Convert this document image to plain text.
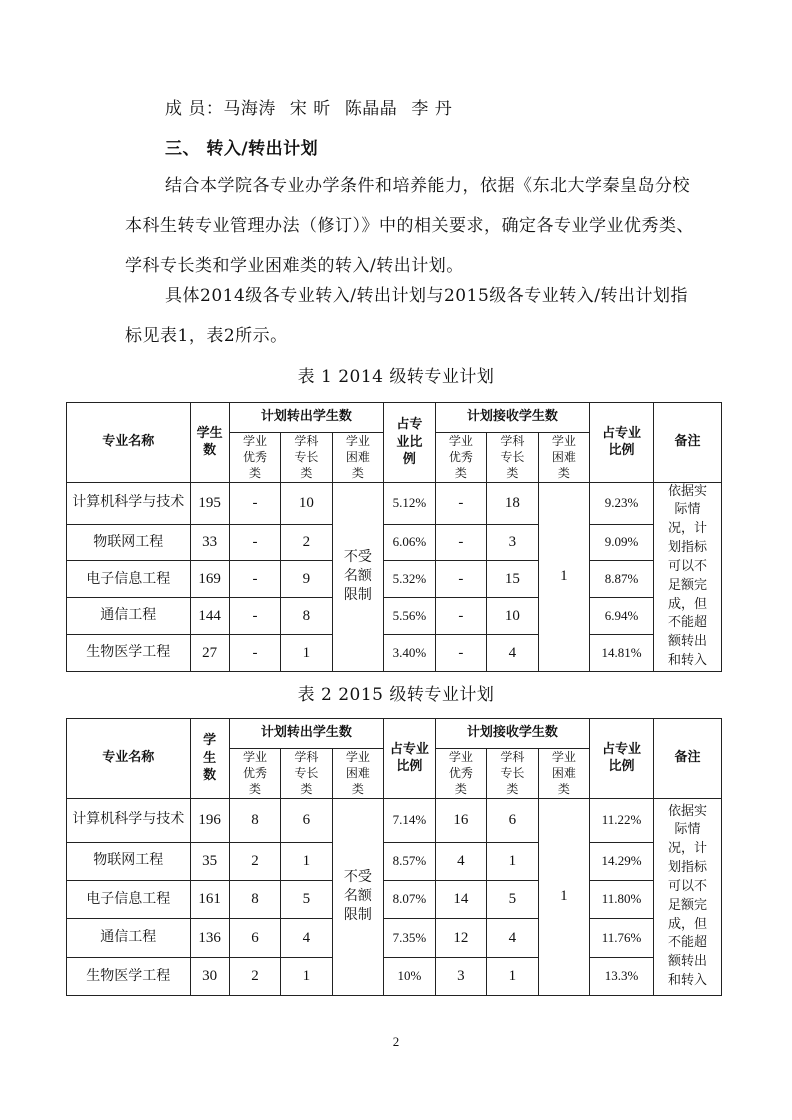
成 员：马海涛 宋 昕 陈晶晶 李 丹
三、 转入/转出计划
结合本学院各专业办学条件和培养能力，依据《东北大学秦皇岛分校本科生转专业管理办法（修订）》中的相关要求，确定各专业学业优秀类、学科专长类和学业困难类的转入/转出计划。
具体2014级各专业转入/转出计划与2015级各专业转入/转出计划指标见表1，表2所示。
表 1 2014 级转专业计划
专业名称	学生数	计划转出学生数			占专业比例	计划接收学生数			占专业比例	备注
		学业优秀类	学科专长类	学业困难类		学业优秀类	学科专长类	学业困难类		
计算机科学与技术	195	-	10	不受名额限制	5.12%	-	18	1	9.23%	依据实际情况，计划指标可以不足额完成，但不能超额转出和转入
物联网工程	33	-	2		6.06%	-	3		9.09%	
电子信息工程	169	-	9		5.32%	-	15		8.87%	
通信工程	144	-	8		5.56%	-	10		6.94%	
生物医学工程	27	-	1		3.40%	-	4		14.81%	
表 2 2015 级转专业计划
专业名称	学生数	计划转出学生数			占专业比例	计划接收学生数			占专业比例	备注
		学业优秀类	学科专长类	学业困难类		学业优秀类	学科专长类	学业困难类		
计算机科学与技术	196	8	6	不受名额限制	7.14%	16	6	1	11.22%	依据实际情况，计划指标可以不足额完成，但不能超额转出和转入
物联网工程	35	2	1		8.57%	4	1		14.29%	
电子信息工程	161	8	5		8.07%	14	5		11.80%	
通信工程	136	6	4		7.35%	12	4		11.76%	
生物医学工程	30	2	1		10%	3	1		13.3%	
2
